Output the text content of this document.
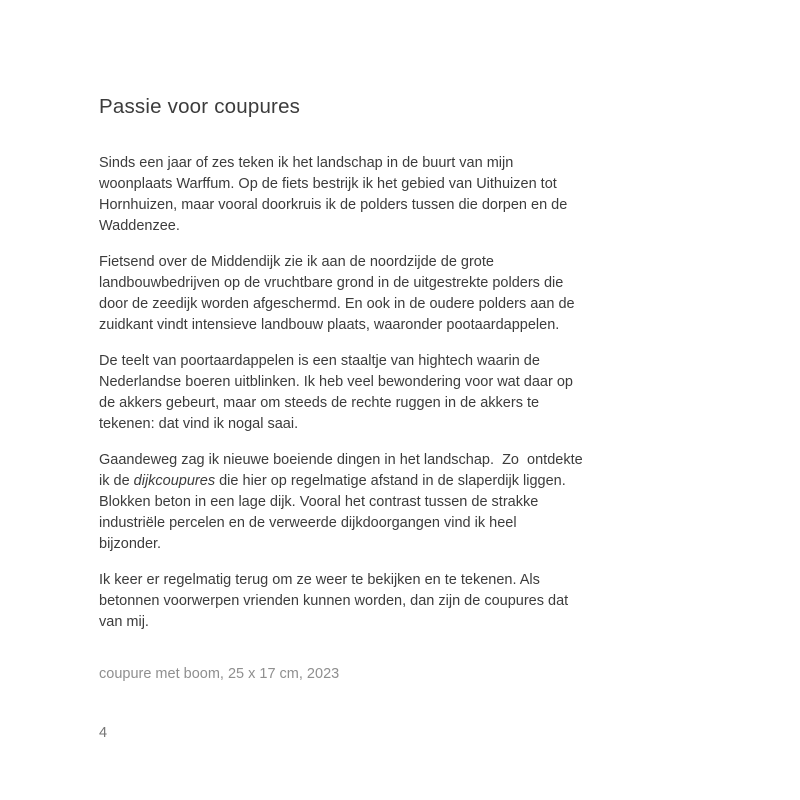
Passie voor coupures
Sinds een jaar of zes teken ik het landschap in de buurt van mijn
woonplaats Warffum. Op de fiets bestrijk ik het gebied van Uithuizen tot
Hornhuizen, maar vooral doorkruis ik de polders tussen die dorpen en de
Waddenzee.
Fietsend over de Middendijk zie ik aan de noordzijde de grote
landbouwbedrijven op de vruchtbare grond in de uitgestrekte polders die
door de zeedijk worden afgeschermd. En ook in de oudere polders aan de
zuidkant vindt intensieve landbouw plaats, waaronder pootaardappelen.
De teelt van poortaardappelen is een staaltje van hightech waarin de
Nederlandse boeren uitblinken. Ik heb veel bewondering voor wat daar op
de akkers gebeurt, maar om steeds de rechte ruggen in de akkers te
tekenen: dat vind ik nogal saai.
Gaandeweg zag ik nieuwe boeiende dingen in het landschap.  Zo  ontdekte
ik de dijkcoupures die hier op regelmatige afstand in de slaperdijk liggen.
Blokken beton in een lage dijk. Vooral het contrast tussen de strakke
industriële percelen en de verweerde dijkdoorgangen vind ik heel
bijzonder.
Ik keer er regelmatig terug om ze weer te bekijken en te tekenen. Als
betonnen voorwerpen vrienden kunnen worden, dan zijn de coupures dat
van mij.
coupure met boom, 25 x 17 cm, 2023
4
